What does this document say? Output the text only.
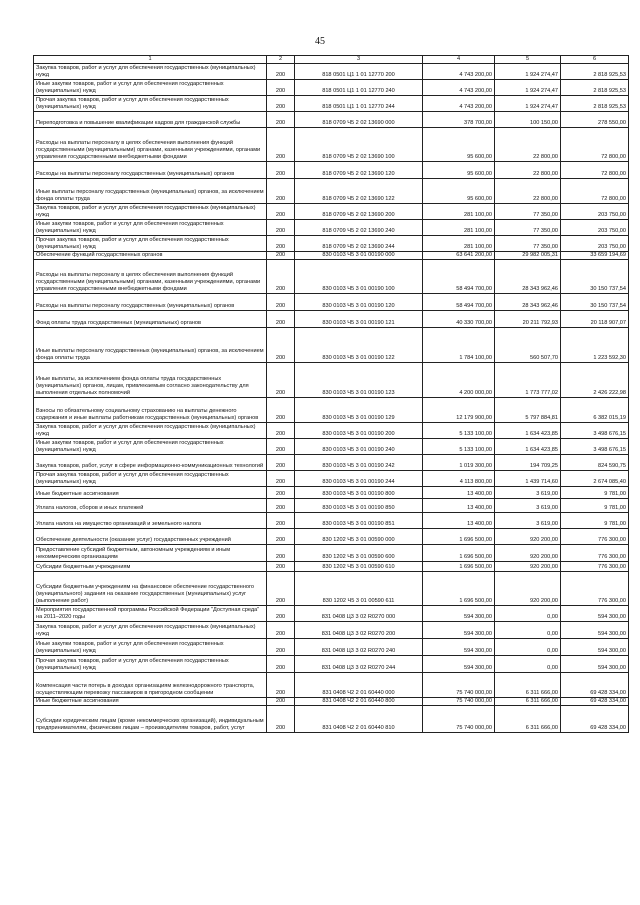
45
1	2	3	4	5	6
Закупка товаров, работ и услуг для обеспечения государственных (муниципальных) нужд	200	818 0501 Ц1 1 01 12770 200	4 743 200,00	1 924 274,47	2 818 925,53
Иные закупки товаров, работ и услуг для обеспечения государственных (муниципальных) нужд	200	818 0501 Ц1 1 01 12770 240	4 743 200,00	1 924 274,47	2 818 925,53
Прочая закупка товаров, работ и услуг для обеспечения государственных (муниципальных) нужд	200	818 0501 Ц1 1 01 12770 244	4 743 200,00	1 924 274,47	2 818 925,53
Переподготовка и повышение квалификации кадров для гражданской службы	200	818 0709 Ч5 2 02 13690 000	378 700,00	100 150,00	278 550,00
Расходы на выплаты персоналу в целях обеспечения выполнения функций государственными (муниципальными) органами, казенными учреждениями, органами управления государственными внебюджетными фондами	200	818 0709 Ч5 2 02 13690 100	95 600,00	22 800,00	72 800,00
Расходы на выплаты персоналу государственных (муниципальных) органов	200	818 0709 Ч5 2 02 13690 120	95 600,00	22 800,00	72 800,00
Иные выплаты персоналу государственных (муниципальных) органов, за исключением фонда оплаты труда	200	818 0709 Ч5 2 02 13690 122	95 600,00	22 800,00	72 800,00
Закупка товаров, работ и услуг для обеспечения государственных (муниципальных) нужд	200	818 0709 Ч5 2 02 13690 200	281 100,00	77 350,00	203 750,00
Иные закупки товаров, работ и услуг для обеспечения государственных (муниципальных) нужд	200	818 0709 Ч5 2 02 13690 240	281 100,00	77 350,00	203 750,00
Прочая закупка товаров, работ и услуг для обеспечения государственных (муниципальных) нужд	200	818 0709 Ч5 2 02 13690 244	281 100,00	77 350,00	203 750,00
Обеспечение функций государственных органов	200	830 0103 Ч5 3 01 00190 000	63 641 200,00	29 982 005,31	33 659 194,69
Расходы на выплаты персоналу в целях обеспечения выполнения функций государственными (муниципальными) органами, казенными учреждениями, органами управления государственными внебюджетными фондами	200	830 0103 Ч5 3 01 00190 100	58 494 700,00	28 343 962,46	30 150 737,54
Расходы на выплаты персоналу государственных (муниципальных) органов	200	830 0103 Ч5 3 01 00190 120	58 494 700,00	28 343 962,46	30 150 737,54
Фонд оплаты труда государственных (муниципальных) органов	200	830 0103 Ч5 3 01 00190 121	40 330 700,00	20 211 792,93	20 118 907,07
Иные выплаты персоналу государственных (муниципальных) органов, за исключением фонда оплаты труда	200	830 0103 Ч5 3 01 00190 122	1 784 100,00	560 507,70	1 223 592,30
Иные выплаты, за исключением фонда оплаты труда государственных (муниципальных) органов, лицам, привлекаемым согласно законодательству для выполнения отдельных полномочий	200	830 0103 Ч5 3 01 00190 123	4 200 000,00	1 773 777,02	2 426 222,98
Взносы по обязательному социальному страхованию на выплаты денежного содержания и иные выплаты работникам государственных (муниципальных) органов	200	830 0103 Ч5 3 01 00190 129	12 179 900,00	5 797 884,81	6 382 015,19
Закупка товаров, работ и услуг для обеспечения государственных (муниципальных) нужд	200	830 0103 Ч5 3 01 00190 200	5 133 100,00	1 634 423,85	3 498 676,15
Иные закупки товаров, работ и услуг для обеспечения государственных (муниципальных) нужд	200	830 0103 Ч5 3 01 00190 240	5 133 100,00	1 634 423,85	3 498 676,15
Закупка товаров, работ, услуг в сфере информационно-коммуникационных технологий	200	830 0103 Ч5 3 01 00190 242	1 019 300,00	194 709,25	824 590,75
Прочая закупка товаров, работ и услуг для обеспечения государственных (муниципальных) нужд	200	830 0103 Ч5 3 01 00190 244	4 113 800,00	1 439 714,60	2 674 085,40
Иные бюджетные ассигнования	200	830 0103 Ч5 3 01 00190 800	13 400,00	3 619,00	9 781,00
Уплата налогов, сборов и иных платежей	200	830 0103 Ч5 3 01 00190 850	13 400,00	3 619,00	9 781,00
Уплата налога на имущество организаций и земельного налога	200	830 0103 Ч5 3 01 00190 851	13 400,00	3 619,00	9 781,00
Обеспечение деятельности (оказание услуг) государственных учреждений	200	830 1202 Ч5 3 01 00590 000	1 696 500,00	920 200,00	776 300,00
Предоставление субсидий бюджетным, автономным учреждениям и иным некоммерческим организациям	200	830 1202 Ч5 3 01 00590 600	1 696 500,00	920 200,00	776 300,00
Субсидии бюджетным учреждениям	200	830 1202 Ч5 3 01 00590 610	1 696 500,00	920 200,00	776 300,00
Субсидии бюджетным учреждениям на финансовое обеспечение государственного (муниципального) задания на оказание государственных (муниципальных) услуг (выполнение работ)	200	830 1202 Ч5 3 01 00590 611	1 696 500,00	920 200,00	776 300,00
Мероприятия государственной программы Российской Федерации "Доступная среда" на 2011–2020 годы	200	831 0408 Ц3 3 02 R0270 000	594 300,00	0,00	594 300,00
Закупка товаров, работ и услуг для обеспечения государственных (муниципальных) нужд	200	831 0408 Ц3 3 02 R0270 200	594 300,00	0,00	594 300,00
Иные закупки товаров, работ и услуг для обеспечения государственных (муниципальных) нужд	200	831 0408 Ц3 3 02 R0270 240	594 300,00	0,00	594 300,00
Прочая закупка товаров, работ и услуг для обеспечения государственных (муниципальных) нужд	200	831 0408 Ц3 3 02 R0270 244	594 300,00	0,00	594 300,00
Компенсация части потерь в доходах организациям железнодорожного транспорта, осуществляющим перевозку пассажиров в пригородном сообщении	200	831 0408 Ч2 2 01 60440 000	75 740 000,00	6 311 666,00	69 428 334,00
Иные бюджетные ассигнования	200	831 0408 Ч2 2 01 60440 800	75 740 000,00	6 311 666,00	69 428 334,00
Субсидии юридическим лицам (кроме некоммерческих организаций), индивидуальным предпринимателям, физическим лицам – производителям товаров, работ, услуг	200	831 0408 Ч2 2 01 60440 810	75 740 000,00	6 311 666,00	69 428 334,00
